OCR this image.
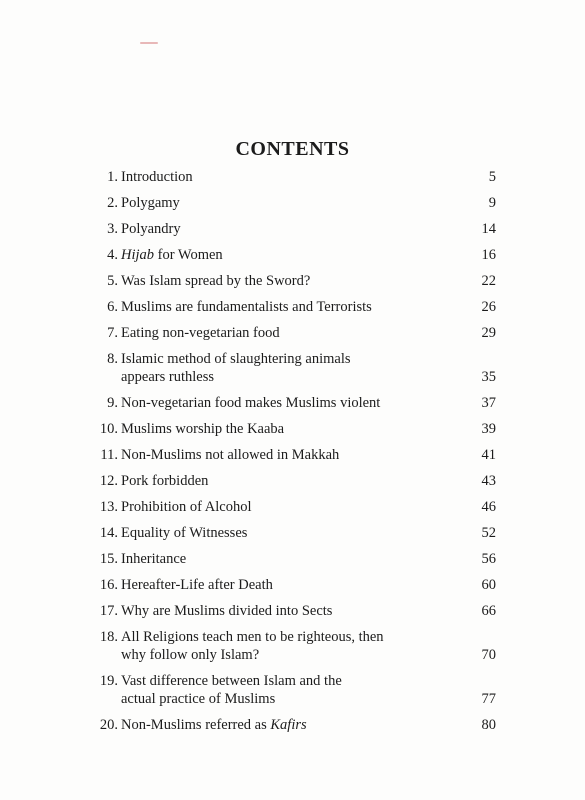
CONTENTS
1. Introduction	5
2. Polygamy	9
3. Polyandry	14
4. Hijab for Women	16
5. Was Islam spread by the Sword?	22
6. Muslims are fundamentalists and Terrorists	26
7. Eating non-vegetarian food	29
8. Islamic method of slaughtering animals appears ruthless	35
9. Non-vegetarian food makes Muslims violent	37
10. Muslims worship the Kaaba	39
11. Non-Muslims not allowed in Makkah	41
12. Pork forbidden	43
13. Prohibition of Alcohol	46
14. Equality of Witnesses	52
15. Inheritance	56
16. Hereafter-Life after Death	60
17. Why are Muslims divided into Sects	66
18. All Religions teach men to be righteous, then why follow only Islam?	70
19. Vast difference between Islam and the actual practice of Muslims	77
20. Non-Muslims referred as Kafirs	80
